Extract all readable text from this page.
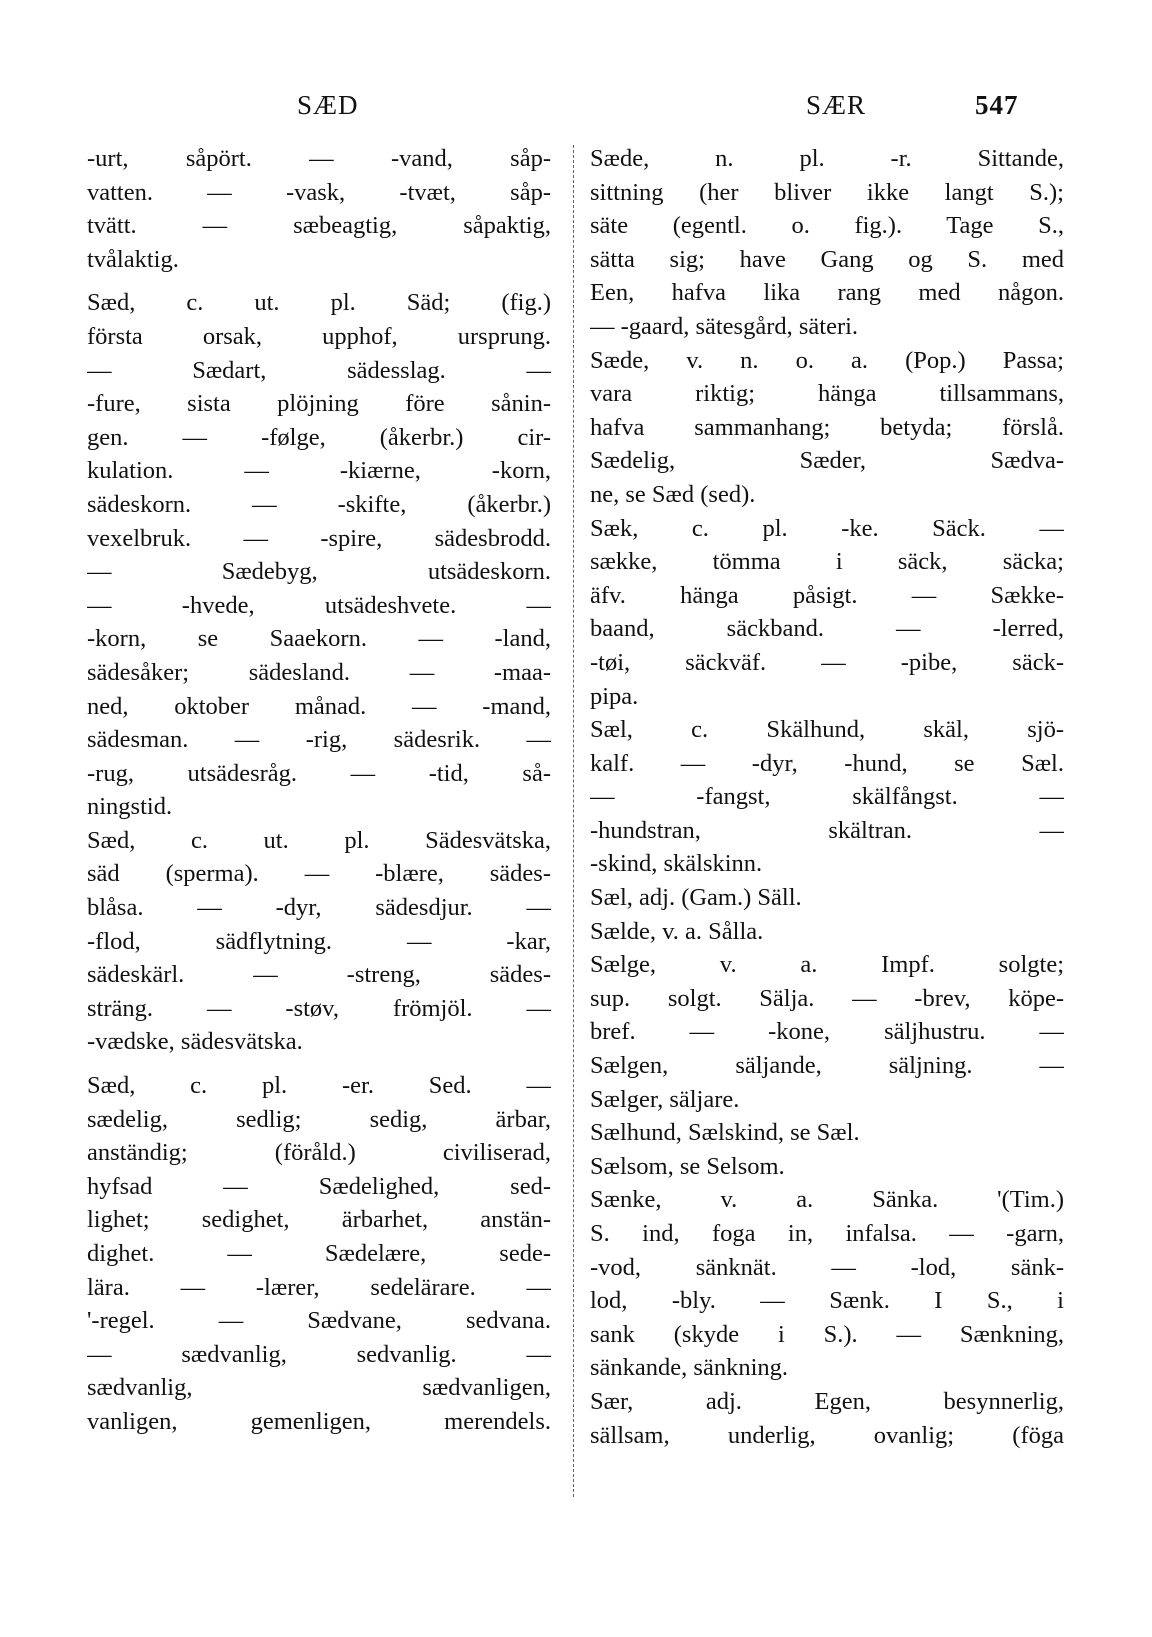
SÆD	SÆR	547
-urt, såpört. — -vand, såp-
vatten. — -vask, -tvæt, såp-
tvätt. — sæbeagtig, såpaktig,
tvålaktig.
Sæd, c. ut. pl. Säd; (fig.)
första orsak, upphof, ursprung.
— Sædart, sädesslag. —
-fure, sista plöjning före sånin-
gen. — -følge, (åkerbr.) cir-
kulation. — -kiærne, -korn,
sädeskorn. — -skifte, (åkerbr.)
vexelbruk. — -spire, sädesbrodd.
— Sædebyg, utsädeskorn.
— -hvede, utsädeshvete. —
-korn, se Saaekorn. — -land,
sädesåker; sädesland. — -maa-
ned, oktober månad. — -mand,
sädesman. — -rig, sädesrik. —
-rug, utsädesråg. — -tid, så-
ningstid.
Sæd, c. ut. pl. Sädesvätska,
säd (sperma). — -blære, sädes-
blåsa. — -dyr, sädesdjur. —
-flod, sädflytning. — -kar,
sädeskärl. — -streng, sädes-
sträng. — -støv, frömjöl. —
-vædske, sädesvätska.
Sæd, c. pl. -er. Sed. —
sædelig, sedlig; sedig, ärbar,
anständig; (föråld.) civiliserad,
hyfsad — Sædelighed, sed-
lighet; sedighet, ärbarhet, anstän-
dighet. — Sædelære, sede-
lära. — -lærer, sedelärare. —
'-regel. — Sædvane, sedvana.
— sædvanlig, sedvanlig. —
sædvanlig, sædvanligen,
vanligen, gemenligen, merendels.
Sæde, n. pl. -r. Sittande,
sittning (her bliver ikke langt S.);
säte (egentl. o. fig.). Tage S.,
sätta sig; have Gang og S. med
Een, hafva lika rang med någon.
— -gaard, sätesgård, säteri.
Sæde, v. n. o. a. (Pop.) Passa;
vara riktig; hänga tillsammans,
hafva sammanhang; betyda; förslå.
Sædelig, Sæder, Sædva-
ne, se Sæd (sed).
Sæk, c. pl. -ke. Säck. —
sække, tömma i säck, säcka;
äfv. hänga påsigt. — Sække-
baand, säckband. — -lerred,
-tøi, säckväf. — -pibe, säck-
pipa.
Sæl, c. Skälhund, skäl, sjö-
kalf. — -dyr, -hund, se Sæl.
— -fangst, skälfångst. —
-hundstran, skältran. —
-skind, skälskinn.
Sæl, adj. (Gam.) Säll.
Sælde, v. a. Sålla.
Sælge, v. a. Impf. solgte;
sup. solgt. Sälja. — -brev, köpe-
bref. — -kone, säljhustru. —
Sælgen, säljande, säljning. —
Sælger, säljare.
Sælhund, Sælskind, se Sæl.
Sælsom, se Selsom.
Sænke, v. a. Sänka. '(Tim.)
S. ind, foga in, infalsa. — -garn,
-vod, sänknät. — -lod, sänk-
lod, -bly. — Sænk. I S., i
sank (skyde i S.). — Sænkning,
sänkande, sänkning.
Sær, adj. Egen, besynnerlig,
sällsam, underlig, ovanlig; (föga
